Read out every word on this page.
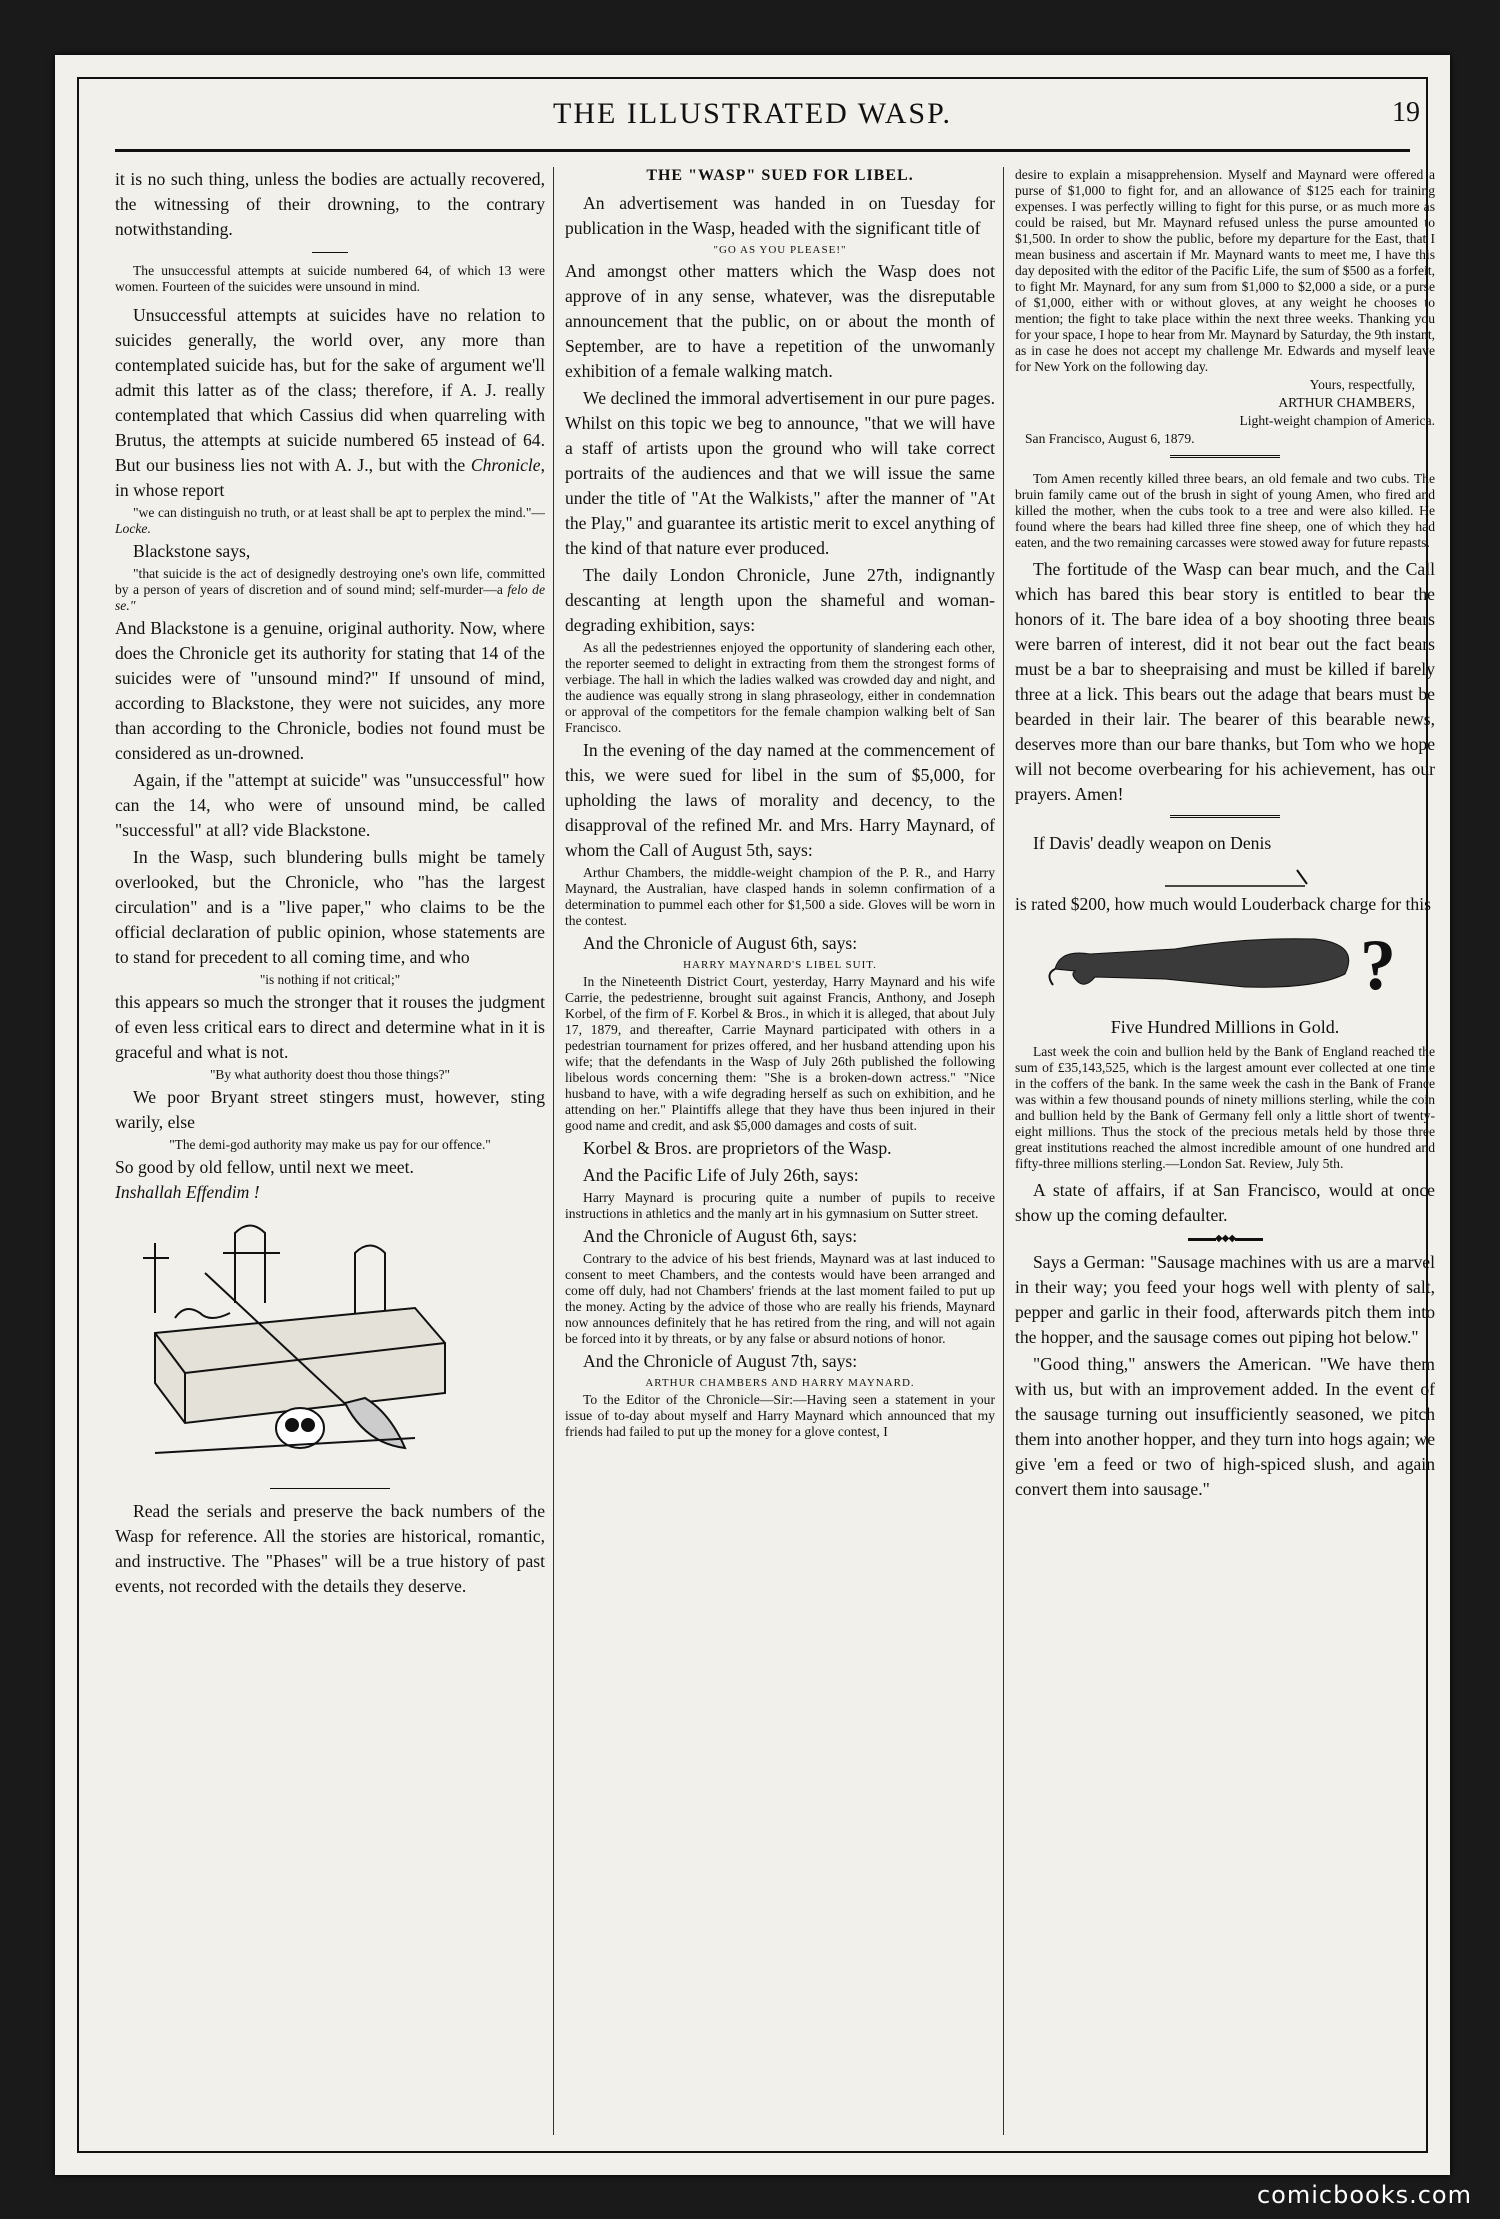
THE ILLUSTRATED WASP.	19

it is no such thing, unless the bodies are actually recovered, the witnessing of their drowning, to the contrary notwithstanding.

The unsuccessful attempts at suicide numbered 64, of which 13 were women. Fourteen of the suicides were unsound in mind.

Unsuccessful attempts at suicides have no relation to suicides generally, the world over, any more than contemplated suicide has, but for the sake of argument we'll admit this latter as of the class; therefore, if A. J. really contemplated that which Cassius did when quarreling with Brutus, the attempts at suicide numbered 65 instead of 64. But our business lies not with A. J., but with the Chronicle, in whose report

"we can distinguish no truth, or at least shall be apt to perplex the mind."—Locke.

Blackstone says,

"that suicide is the act of designedly destroying one's own life, committed by a person of years of discretion and of sound mind; self-murder—a felo de se."

And Blackstone is a genuine, original authority. Now, where does the Chronicle get its authority for stating that 14 of the suicides were of "unsound mind?" If unsound of mind, according to Blackstone, they were not suicides, any more than according to the Chronicle, bodies not found must be considered as un-drowned.

Again, if the "attempt at suicide" was "unsuccessful" how can the 14, who were of unsound mind, be called "successful" at all? vide Blackstone.

In the Wasp, such blundering bulls might be tamely overlooked, but the Chronicle, who "has the largest circulation" and is a "live paper," who claims to be the official declaration of public opinion, whose statements are to stand for precedent to all coming time, and who

"is nothing if not critical;"

this appears so much the stronger that it rouses the judgment of even less critical ears to direct and determine what in it is graceful and what is not.

"By what authority doest thou those things?"

We poor Bryant street stingers must, however, sting warily, else

"The demi-god authority may make us pay for our offence."

So good by old fellow, until next we meet.
Inshallah Effendim !

Read the serials and preserve the back numbers of the Wasp for reference. All the stories are historical, romantic, and instructive. The "Phases" will be a true history of past events, not recorded with the details they deserve.

THE "WASP" SUED FOR LIBEL.

An advertisement was handed in on Tuesday for publication in the Wasp, headed with the significant title of

"GO AS YOU PLEASE!"

And amongst other matters which the Wasp does not approve of in any sense, whatever, was the disreputable announcement that the public, on or about the month of September, are to have a repetition of the unwomanly exhibition of a female walking match.

We declined the immoral advertisement in our pure pages. Whilst on this topic we beg to announce, "that we will have a staff of artists upon the ground who will take correct portraits of the audiences and that we will issue the same under the title of "At the Walkists," after the manner of "At the Play," and guarantee its artistic merit to excel anything of the kind of that nature ever produced.

The daily London Chronicle, June 27th, indignantly descanting at length upon the shameful and woman-degrading exhibition, says:

As all the pedestriennes enjoyed the opportunity of slandering each other, the reporter seemed to delight in extracting from them the strongest forms of verbiage. The hall in which the ladies walked was crowded day and night, and the audience was equally strong in slang phraseology, either in condemnation or approval of the competitors for the female champion walking belt of San Francisco.

In the evening of the day named at the commencement of this, we were sued for libel in the sum of $5,000, for upholding the laws of morality and decency, to the disapproval of the refined Mr. and Mrs. Harry Maynard, of whom the Call of August 5th, says:

Arthur Chambers, the middle-weight champion of the P. R., and Harry Maynard, the Australian, have clasped hands in solemn confirmation of a determination to pummel each other for $1,500 a side. Gloves will be worn in the contest.

And the Chronicle of August 6th, says:

HARRY MAYNARD'S LIBEL SUIT.

In the Nineteenth District Court, yesterday, Harry Maynard and his wife Carrie, the pedestrienne, brought suit against Francis, Anthony, and Joseph Korbel, of the firm of F. Korbel & Bros., in which it is alleged, that about July 17, 1879, and thereafter, Carrie Maynard participated with others in a pedestrian tournament for prizes offered, and her husband attending upon his wife; that the defendants in the Wasp of July 26th published the following libelous words concerning them: "She is a broken-down actress." "Nice husband to have, with a wife degrading herself as such on exhibition, and he attending on her." Plaintiffs allege that they have thus been injured in their good name and credit, and ask $5,000 damages and costs of suit.

Korbel & Bros. are proprietors of the Wasp.

And the Pacific Life of July 26th, says:

Harry Maynard is procuring quite a number of pupils to receive instructions in athletics and the manly art in his gymnasium on Sutter street.

And the Chronicle of August 6th, says:

Contrary to the advice of his best friends, Maynard was at last induced to consent to meet Chambers, and the contests would have been arranged and come off duly, had not Chambers' friends at the last moment failed to put up the money. Acting by the advice of those who are really his friends, Maynard now announces definitely that he has retired from the ring, and will not again be forced into it by threats, or by any false or absurd notions of honor.

And the Chronicle of August 7th, says:

ARTHUR CHAMBERS AND HARRY MAYNARD.

To the Editor of the Chronicle—Sir:—Having seen a statement in your issue of to-day about myself and Harry Maynard which announced that my friends had failed to put up the money for a glove contest, I

desire to explain a misapprehension. Myself and Maynard were offered a purse of $1,000 to fight for, and an allowance of $125 each for training expenses. I was perfectly willing to fight for this purse, or as much more as could be raised, but Mr. Maynard refused unless the purse amounted to $1,500. In order to show the public, before my departure for the East, that I mean business and ascertain if Mr. Maynard wants to meet me, I have this day deposited with the editor of the Pacific Life, the sum of $500 as a forfeit, to fight Mr. Maynard, for any sum from $1,000 to $2,000 a side, or a purse of $1,000, either with or without gloves, at any weight he chooses to mention; the fight to take place within the next three weeks. Thanking you for your space, I hope to hear from Mr. Maynard by Saturday, the 9th instant, as in case he does not accept my challenge Mr. Edwards and myself leave for New York on the following day.

Yours, respectfully,

ARTHUR CHAMBERS,

Light-weight champion of America.

San Francisco, August 6, 1879.

Tom Amen recently killed three bears, an old female and two cubs. The bruin family came out of the brush in sight of young Amen, who fired and killed the mother, when the cubs took to a tree and were also killed. He found where the bears had killed three fine sheep, one of which they had eaten, and the two remaining carcasses were stowed away for future repasts.

The fortitude of the Wasp can bear much, and the Call which has bared this bear story is entitled to bear the honors of it. The bare idea of a boy shooting three bears were barren of interest, did it not bear out the fact bears must be a bar to sheepraising and must be killed if barely three at a lick. This bears out the adage that bears must be bearded in their lair. The bearer of this bearable news, deserves more than our bare thanks, but Tom who we hope will not become overbearing for his achievement, has our prayers. Amen!

If Davis' deadly weapon on Denis

is rated $200, how much would Louderback charge for this

?

Five Hundred Millions in Gold.

Last week the coin and bullion held by the Bank of England reached the sum of £35,143,525, which is the largest amount ever collected at one time in the coffers of the bank. In the same week the cash in the Bank of France was within a few thousand pounds of ninety millions sterling, while the coin and bullion held by the Bank of Germany fell only a little short of twenty-eight millions. Thus the stock of the precious metals held by those three great institutions reached the almost incredible amount of one hundred and fifty-three millions sterling.—London Sat. Review, July 5th.

A state of affairs, if at San Francisco, would at once show up the coming defaulter.

▬▬▬◆◆◆▬▬▬

Says a German: "Sausage machines with us are a marvel in their way; you feed your hogs well with plenty of salt, pepper and garlic in their food, afterwards pitch them into the hopper, and the sausage comes out piping hot below."

"Good thing," answers the American. "We have them with us, but with an improvement added. In the event of the sausage turning out insufficiently seasoned, we pitch them into another hopper, and they turn into hogs again; we give 'em a feed or two of high-spiced slush, and again convert them into sausage."

comicbooks.com
